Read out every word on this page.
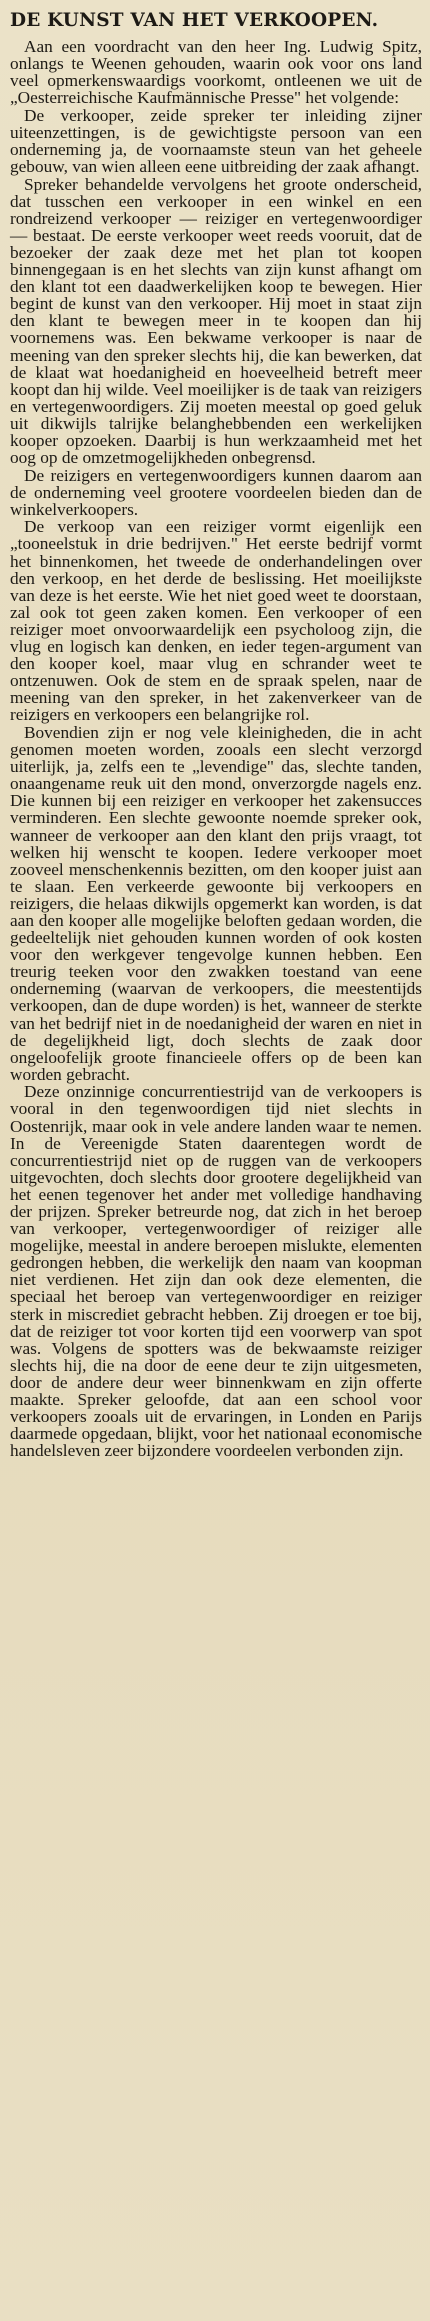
DE KUNST VAN HET VERKOOPEN.

Aan een voordracht van den heer Ing. Ludwig Spitz, onlangs te Weenen gehouden, waarin ook voor ons land veel opmerkenswaardigs voorkomt, ontleenen we uit de „Oesterreichische Kaufmännische Presse" het volgende:

De verkooper, zeide spreker ter inleiding zijner uiteenzettingen, is de gewichtigste persoon van een onderneming ja, de voornaamste steun van het geheele gebouw, van wien alleen eene uitbreiding der zaak afhangt.

Spreker behandelde vervolgens het groote onderscheid, dat tusschen een verkooper in een winkel en een rondreizend verkooper — reiziger en vertegenwoordiger — bestaat. De eerste verkooper weet reeds vooruit, dat de bezoeker der zaak deze met het plan tot koopen binnengegaan is en het slechts van zijn kunst afhangt om den klant tot een daadwerkelijken koop te bewegen. Hier begint de kunst van den verkooper. Hij moet in staat zijn den klant te bewegen meer in te koopen dan hij voornemens was. Een bekwame verkooper is naar de meening van den spreker slechts hij, die kan bewerken, dat de klaat wat hoedanigheid en hoeveelheid betreft meer koopt dan hij wilde. Veel moeilijker is de taak van reizigers en vertegenwoordigers. Zij moeten meestal op goed geluk uit dikwijls talrijke belanghebbenden een werkelijken kooper opzoeken. Daarbij is hun werkzaamheid met het oog op de omzetmogelijkheden onbegrensd.

De reizigers en vertegenwoordigers kunnen daarom aan de onderneming veel grootere voordeelen bieden dan de winkelverkoopers.

De verkoop van een reiziger vormt eigenlijk een „tooneelstuk in drie bedrijven." Het eerste bedrijf vormt het binnenkomen, het tweede de onderhandelingen over den verkoop, en het derde de beslissing. Het moeilijkste van deze is het eerste. Wie het niet goed weet te doorstaan, zal ook tot geen zaken komen. Een verkooper of een reiziger moet onvoorwaardelijk een psycholoog zijn, die vlug en logisch kan denken, en ieder tegen-argument van den kooper koel, maar vlug en schrander weet te ontzenuwen. Ook de stem en de spraak spelen, naar de meening van den spreker, in het zakenverkeer van de reizigers en verkoopers een belangrijke rol.

Bovendien zijn er nog vele kleinigheden, die in acht genomen moeten worden, zooals een slecht verzorgd uiterlijk, ja, zelfs een te „levendige" das, slechte tanden, onaangename reuk uit den mond, onverzorgde nagels enz. Die kunnen bij een reiziger en verkooper het zakensucces verminderen. Een slechte gewoonte noemde spreker ook, wanneer de verkooper aan den klant den prijs vraagt, tot welken hij wenscht te koopen. Iedere verkooper moet zooveel menschenkennis bezitten, om den kooper juist aan te slaan. Een verkeerde gewoonte bij verkoopers en reizigers, die helaas dikwijls opgemerkt kan worden, is dat aan den kooper alle mogelijke beloften gedaan worden, die gedeeltelijk niet gehouden kunnen worden of ook kosten voor den werkgever tengevolge kunnen hebben. Een treurig teeken voor den zwakken toestand van eene onderneming (waarvan de verkoopers, die meestentijds verkoopen, dan de dupe worden) is het, wanneer de sterkte van het bedrijf niet in de noedanigheid der waren en niet in de degelijkheid ligt, doch slechts de zaak door ongeloofelijk groote financieele offers op de been kan worden gebracht.

Deze onzinnige concurrentiestrijd van de verkoopers is vooral in den tegenwoordigen tijd niet slechts in Oostenrijk, maar ook in vele andere landen waar te nemen. In de Vereenigde Staten daarentegen wordt de concurrentiestrijd niet op de ruggen van de verkoopers uitgevochten, doch slechts door grootere degelijkheid van het eenen tegenover het ander met volledige handhaving der prijzen. Spreker betreurde nog, dat zich in het beroep van verkooper, vertegenwoordiger of reiziger alle mogelijke, meestal in andere beroepen mislukte, elementen gedrongen hebben, die werkelijk den naam van koopman niet verdienen. Het zijn dan ook deze elementen, die speciaal het beroep van vertegenwoordiger en reiziger sterk in miscrediet gebracht hebben. Zij droegen er toe bij, dat de reiziger tot voor korten tijd een voorwerp van spot was. Volgens de spotters was de bekwaamste reiziger slechts hij, die na door de eene deur te zijn uitgesmeten, door de andere deur weer binnenkwam en zijn offerte maakte. Spreker geloofde, dat aan een school voor verkoopers zooals uit de ervaringen, in Londen en Parijs daarmede opgedaan, blijkt, voor het nationaal economische handelsleven zeer bijzondere voordeelen verbonden zijn.
